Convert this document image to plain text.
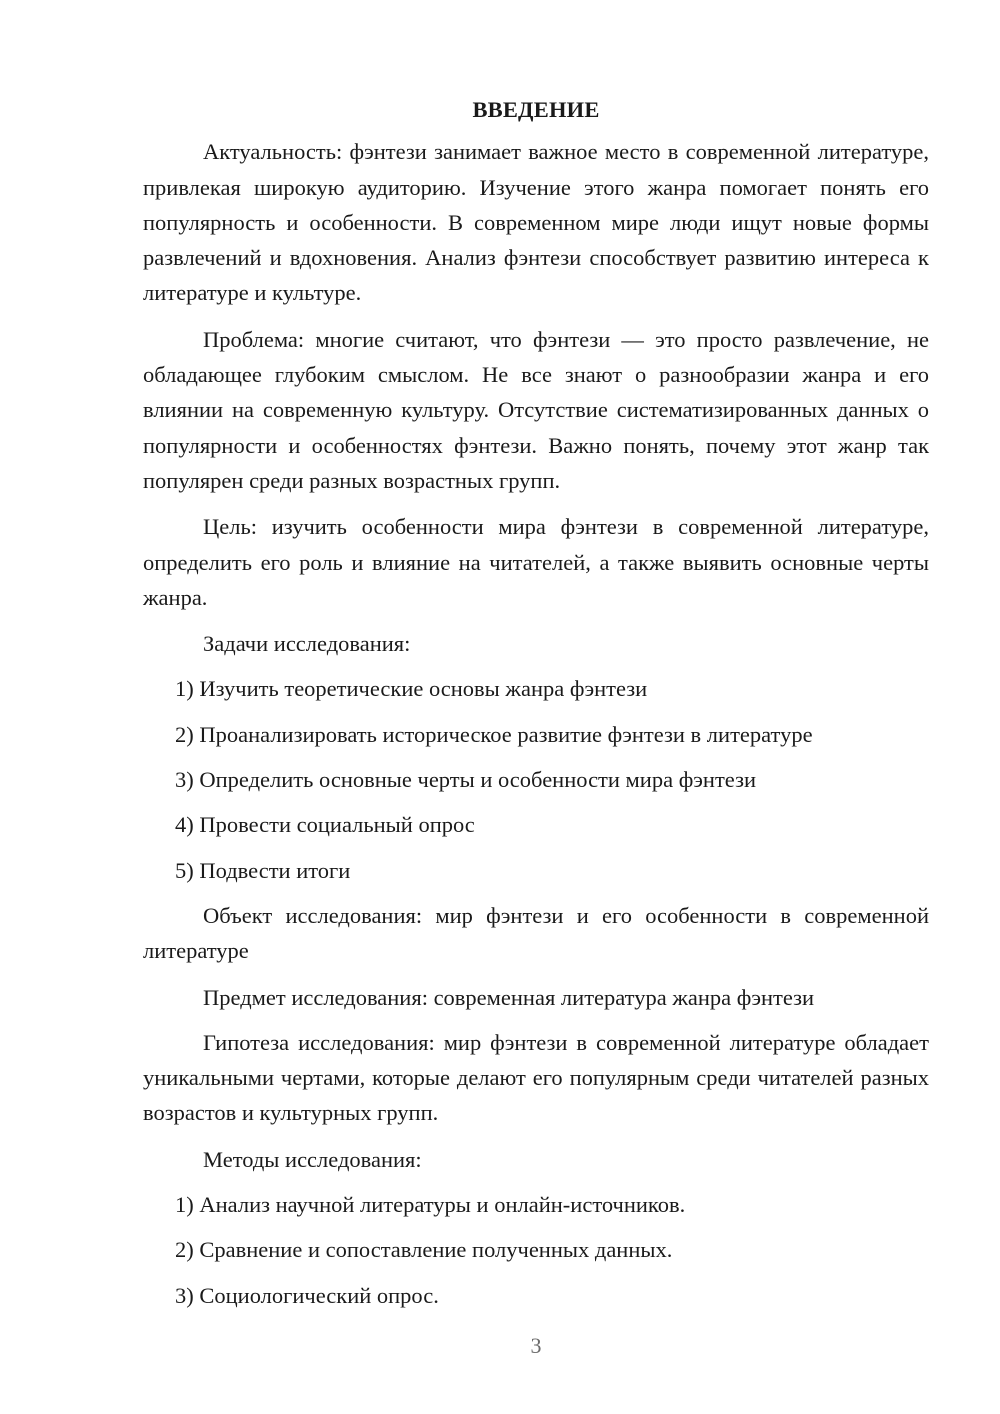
ВВЕДЕНИЕ

Актуальность: фэнтези занимает важное место в современной литературе, привлекая широкую аудиторию. Изучение этого жанра помогает понять его популярность и особенности. В современном мире люди ищут новые формы развлечений и вдохновения. Анализ фэнтези способствует развитию интереса к литературе и культуре.

Проблема: многие считают, что фэнтези — это просто развлечение, не обладающее глубоким смыслом. Не все знают о разнообразии жанра и его влиянии на современную культуру. Отсутствие систематизированных данных о популярности и особенностях фэнтези. Важно понять, почему этот жанр так популярен среди разных возрастных групп.

Цель: изучить особенности мира фэнтези в современной литературе, определить его роль и влияние на читателей, а также выявить основные черты жанра.

Задачи исследования:

1) Изучить теоретические основы жанра фэнтези
2) Проанализировать историческое развитие фэнтези в литературе
3) Определить основные черты и особенности мира фэнтези
4) Провести социальный опрос
5) Подвести итоги

Объект исследования: мир фэнтези и его особенности в современной литературе

Предмет исследования: современная литература жанра фэнтези

Гипотеза исследования: мир фэнтези в современной литературе обладает уникальными чертами, которые делают его популярным среди читателей разных возрастов и культурных групп.

Методы исследования:

1) Анализ научной литературы и онлайн-источников.
2) Сравнение и сопоставление полученных данных.
3) Социологический опрос.
3
